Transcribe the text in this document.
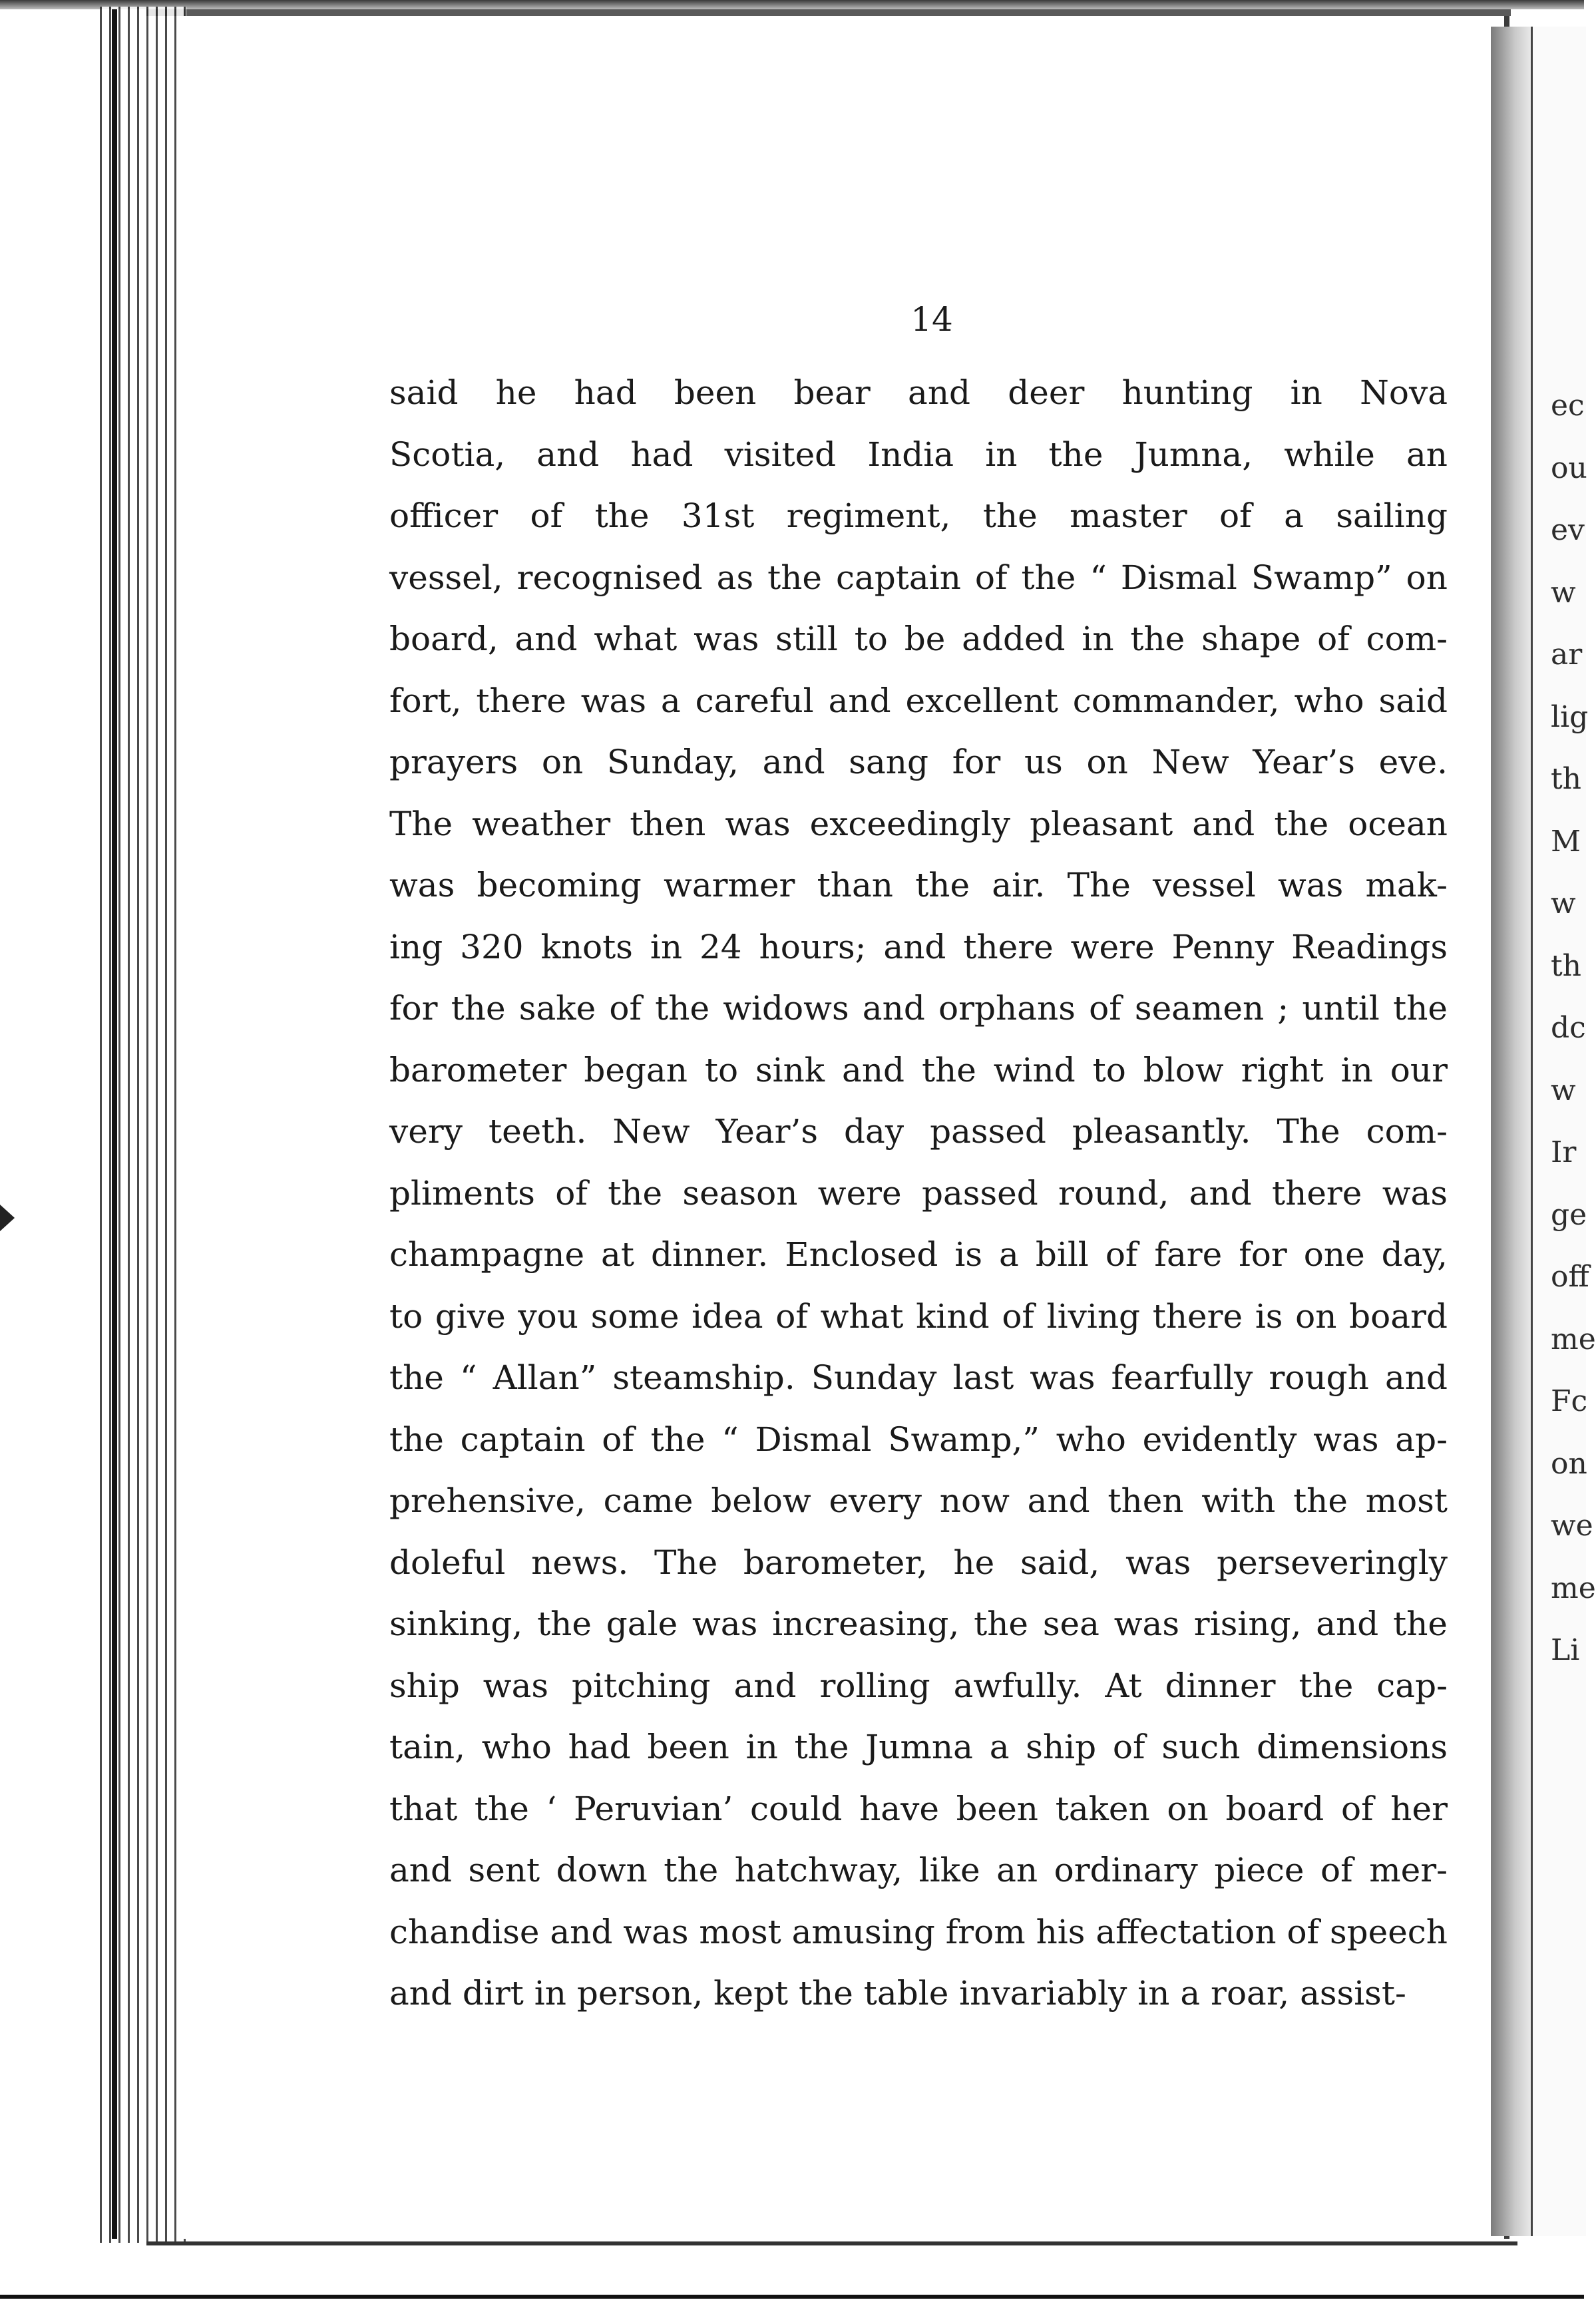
ec
ou
ev
w
ar
lig
th
M
w
th
dc
w
Ir
ge
off
me
Fc
on
we
me
Li
14
said he had been bear and deer hunting in Nova
Scotia, and had visited India in the Jumna, while an
officer of the 31st regiment, the master of a sailing
vessel, recognised as the captain of the “ Dismal Swamp” on
board, and what was still to be added in the shape of com-
fort, there was a careful and excellent commander, who said
prayers on Sunday, and sang for us on New Year’s eve.
The weather then was exceedingly pleasant and the ocean
was becoming warmer than the air. The vessel was mak-
ing 320 knots in 24 hours; and there were Penny Readings
for the sake of the widows and orphans of seamen ; until the
barometer began to sink and the wind to blow right in our
very teeth. New Year’s day passed pleasantly. The com-
pliments of the season were passed round, and there was
champagne at dinner. Enclosed is a bill of fare for one day,
to give you some idea of what kind of living there is on board
the “ Allan” steamship. Sunday last was fearfully rough and
the captain of the “ Dismal Swamp,” who evidently was ap-
prehensive, came below every now and then with the most
doleful news. The barometer, he said, was perseveringly
sinking, the gale was increasing, the sea was rising, and the
ship was pitching and rolling awfully. At dinner the cap-
tain, who had been in the Jumna a ship of such dimensions
that the ‘ Peruvian’ could have been taken on board of her
and sent down the hatchway, like an ordinary piece of mer-
chandise and was most amusing from his affectation of speech
and dirt in person, kept the table invariably in a roar, assist-
